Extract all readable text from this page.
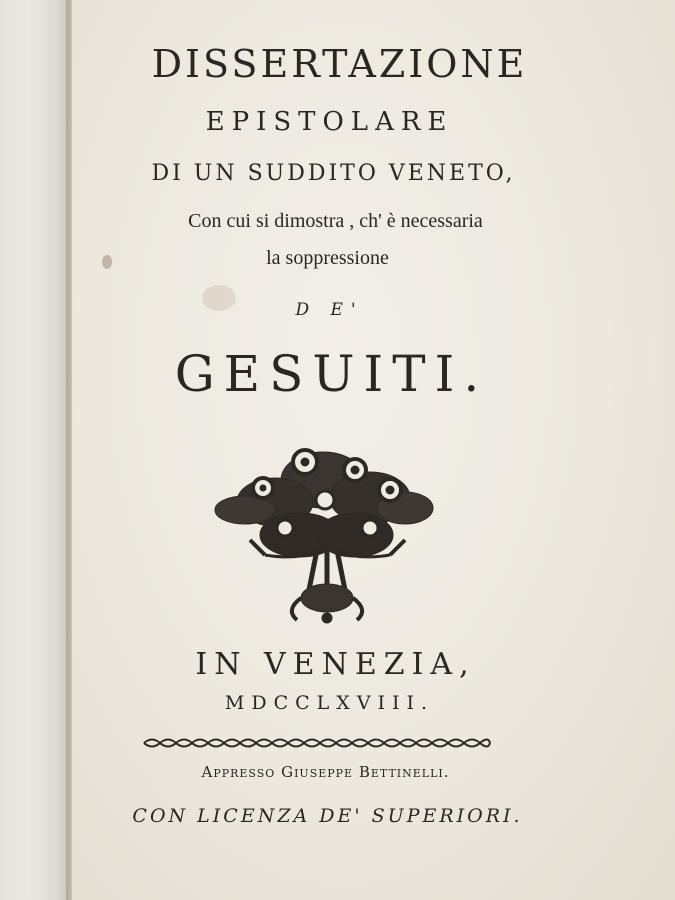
DISSERTAZIONE
EPISTOLARE
DI UN SUDDITO VENETO,
Con cui si dimostra , ch' è necessaria
la soppressione
D E'
GESUITI.
IN VENEZIA,
MDCCLXVIII.
Appresso Giuseppe Bettinelli.
CON LICENZA DE' SUPERIORI.
